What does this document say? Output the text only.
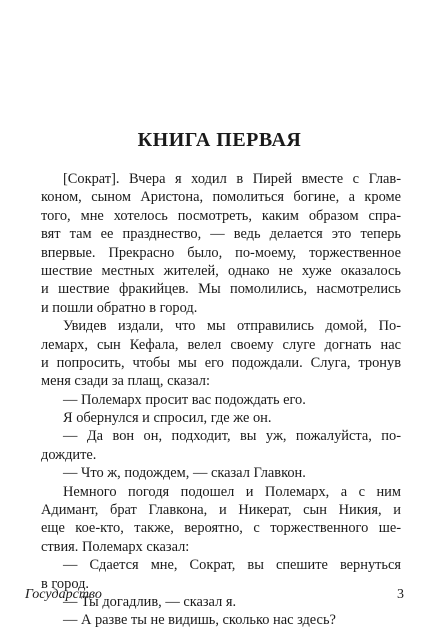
КНИГА ПЕРВАЯ
[Сократ]. Вчера я ходил в Пирей вместе с Глав-
коном, сыном Аристона, помолиться богине, а кроме
того, мне хотелось посмотреть, каким образом спра-
вят там ее празднество, — ведь делается это теперь
впервые. Прекрасно было, по-моему, торжественное
шествие местных жителей, однако не хуже оказалось
и шествие фракийцев. Мы помолились, насмотрелись
и пошли обратно в город.
Увидев издали, что мы отправились домой, По-
лемарх, сын Кефала, велел своему слуге догнать нас
и попросить, чтобы мы его подождали. Слуга, тронув
меня сзади за плащ, сказал:
— Полемарх просит вас подождать его.
Я обернулся и спросил, где же он.
— Да вон он, подходит, вы уж, пожалуйста, по-
дождите.
— Что ж, подождем, — сказал Главкон.
Немного погодя подошел и Полемарх, а с ним
Адимант, брат Главкона, и Никерат, сын Никия, и
еще кое-кто, также, вероятно, с торжественного ше-
ствия. Полемарх сказал:
— Сдается мне, Сократ, вы спешите вернуться
в город.
— Ты догадлив, — сказал я.
— А разве ты не видишь, сколько нас здесь?
Государство	3
